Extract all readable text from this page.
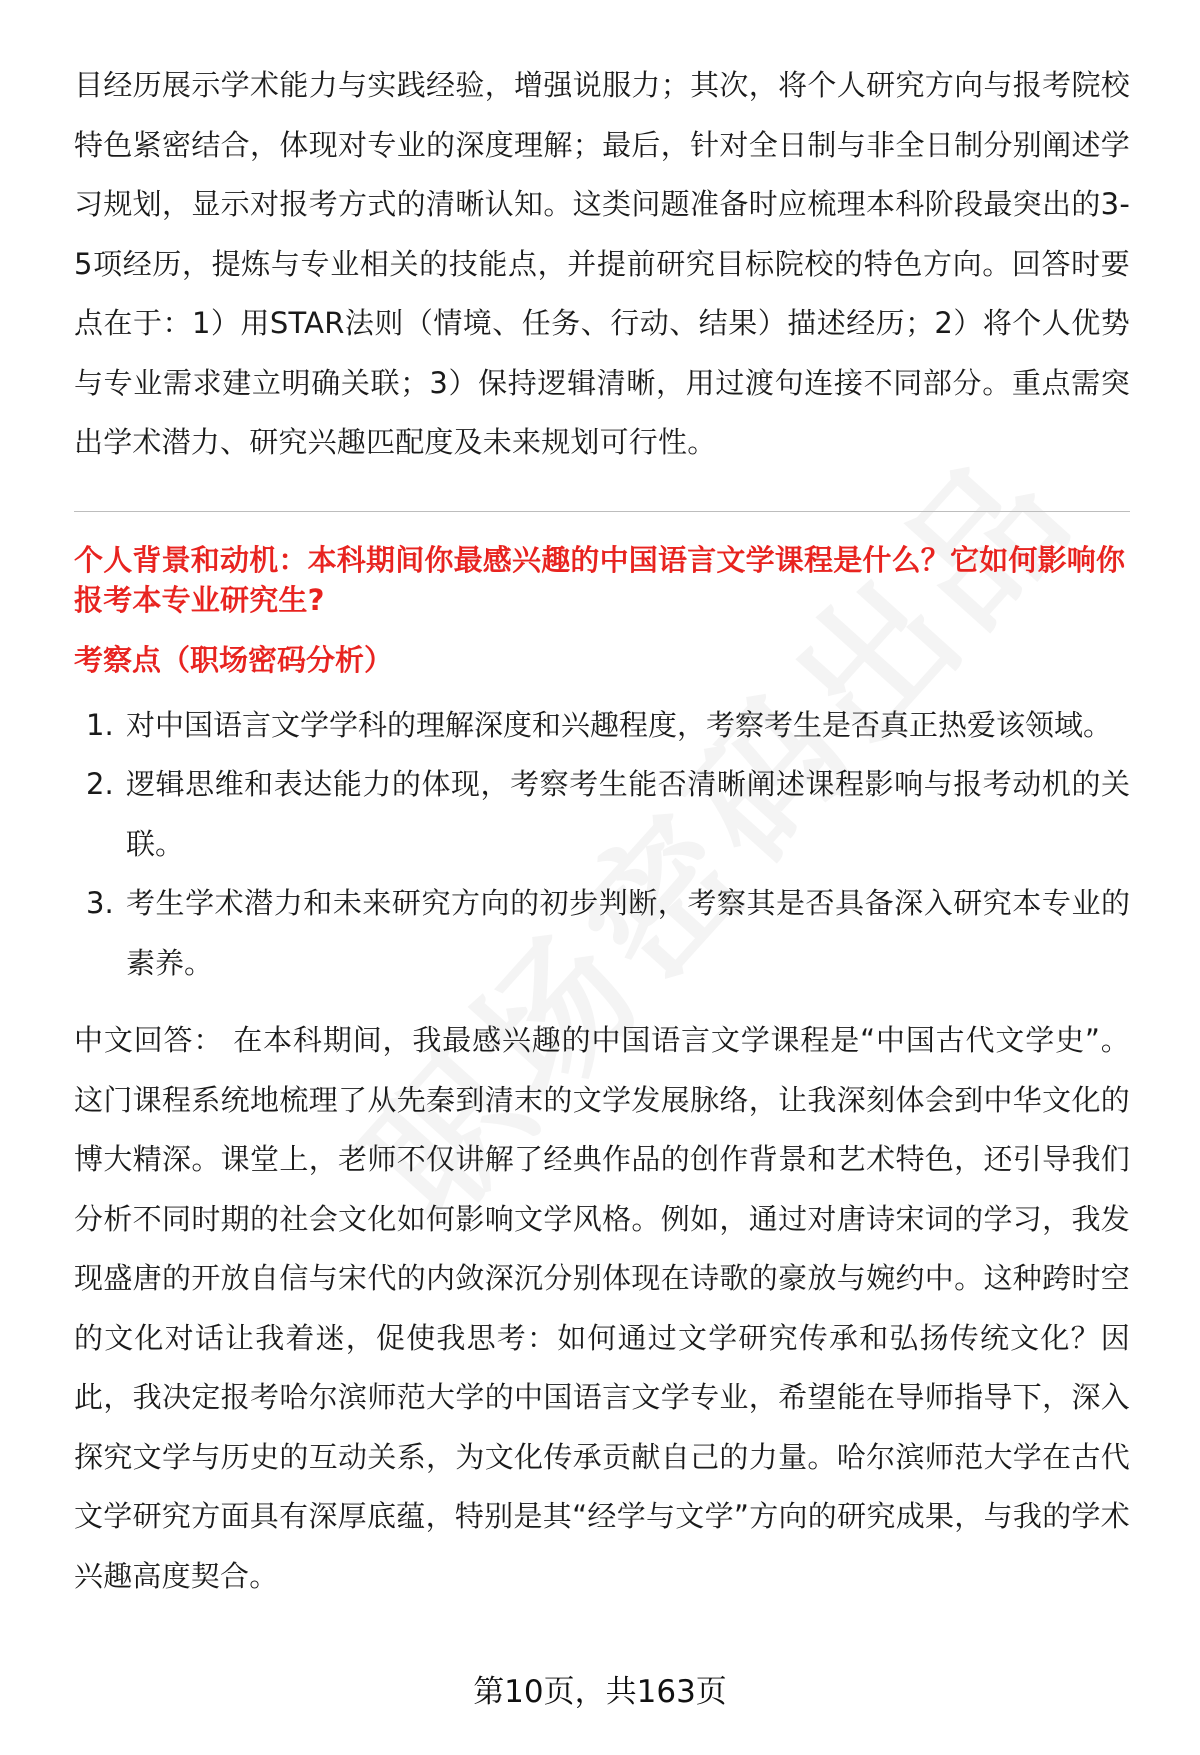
目经历展示学术能力与实践经验，增强说服力；其次，将个人研究方向与报考院校特色紧密结合，体现对专业的深度理解；最后，针对全日制与非全日制分别阐述学习规划，显示对报考方式的清晰认知。这类问题准备时应梳理本科阶段最突出的3-5项经历，提炼与专业相关的技能点，并提前研究目标院校的特色方向。回答时要点在于：1）用STAR法则（情境、任务、行动、结果）描述经历；2）将个人优势与专业需求建立明确关联；3）保持逻辑清晰，用过渡句连接不同部分。重点需突出学术潜力、研究兴趣匹配度及未来规划可行性。

个人背景和动机：本科期间你最感兴趣的中国语言文学课程是什么？它如何影响你报考本专业研究生?

考察点（职场密码分析）

1. 对中国语言文学学科的理解深度和兴趣程度，考察考生是否真正热爱该领域。
2. 逻辑思维和表达能力的体现，考察考生能否清晰阐述课程影响与报考动机的关联。
3. 考生学术潜力和未来研究方向的初步判断，考察其是否具备深入研究本专业的素养。

中文回答： 在本科期间，我最感兴趣的中国语言文学课程是“中国古代文学史”。这门课程系统地梳理了从先秦到清末的文学发展脉络，让我深刻体会到中华文化的博大精深。课堂上，老师不仅讲解了经典作品的创作背景和艺术特色，还引导我们分析不同时期的社会文化如何影响文学风格。例如，通过对唐诗宋词的学习，我发现盛唐的开放自信与宋代的内敛深沉分别体现在诗歌的豪放与婉约中。这种跨时空的文化对话让我着迷，促使我思考：如何通过文学研究传承和弘扬传统文化？因此，我决定报考哈尔滨师范大学的中国语言文学专业，希望能在导师指导下，深入探究文学与历史的互动关系，为文化传承贡献自己的力量。哈尔滨师范大学在古代文学研究方面具有深厚底蕴，特别是其“经学与文学”方向的研究成果，与我的学术兴趣高度契合。

第10页，共163页
